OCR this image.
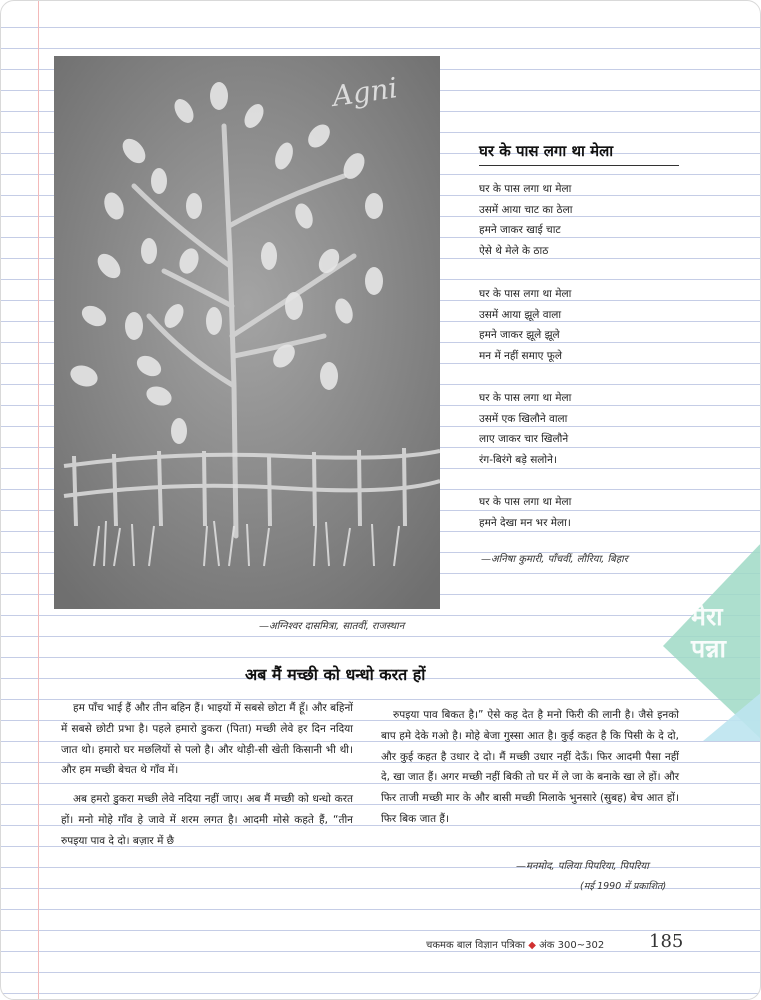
Agni
—अग्निश्वर दासमित्रा, सातवीं, राजस्थान
घर के पास लगा था मेला
घर के पास लगा था मेला
उसमें आया चाट का ठेला
हमने जाकर खाई चाट
ऐसे थे मेले के ठाठ
घर के पास लगा था मेला
उसमें आया झूले वाला
हमने जाकर झूले झूले
मन में नहीं समाए फूले
घर के पास लगा था मेला
उसमें एक खिलौने वाला
लाए जाकर चार खिलौने
रंग-बिरंगे बड़े सलोने।
घर के पास लगा था मेला
हमने देखा मन भर मेला।
—अनिषा कुमारी, पाँचवीं, लौरिया, बिहार
मेरा
पन्ना
अब मैं मच्छी को धन्धो करत हों

हम पाँच भाई हैं और तीन बहिन हैं। भाइयों में सबसे छोटा मैं हूँ। और बहिनों में सबसे छोटी प्रभा है। पहले हमारो डुकरा (पिता) मच्छी लेवे हर दिन नदिया जात थो। हमारो घर मछलियों से पलो है। और थोड़ी-सी खेती किसानी भी थी। और हम मच्छी बेचत थे गाँव में।

अब हमरो डुकरा मच्छी लेवे नदिया नहीं जाए। अब मैं मच्छी को धन्धो करत हों। मनो मोहे गाँव हे जावे में शरम लगत है। आदमी मोसे कहते हैं, “तीन रुपइया पाव दे दो। बज़ार में छै

रुपइया पाव बिकत है।” ऐसे कह देत है मनो फिरी की लानी है। जैसे इनको बाप हमे देके गओ है। मोहे बेजा गुस्सा आत है। कुई कहत है कि पिसी के दे दो, और कुई कहत है उधार दे दो। मैं मच्छी उधार नहीं देऊँ। फिर आदमी पैसा नहीं दे, खा जात हैं। अगर मच्छी नहीं बिकी तो घर में ले जा के बनाके खा ले हों। और फिर ताजी मच्छी मार के और बासी मच्छी मिलाके भुनसारे (सुबह) बेच आत हों। फिर बिक जात हैं।

—मनमोद, पलिया पिपरिया, पिपरिया
(मई 1990 में प्रकाशित)
चकमक बाल विज्ञान पत्रिका ◆ अंक 300~302 185
